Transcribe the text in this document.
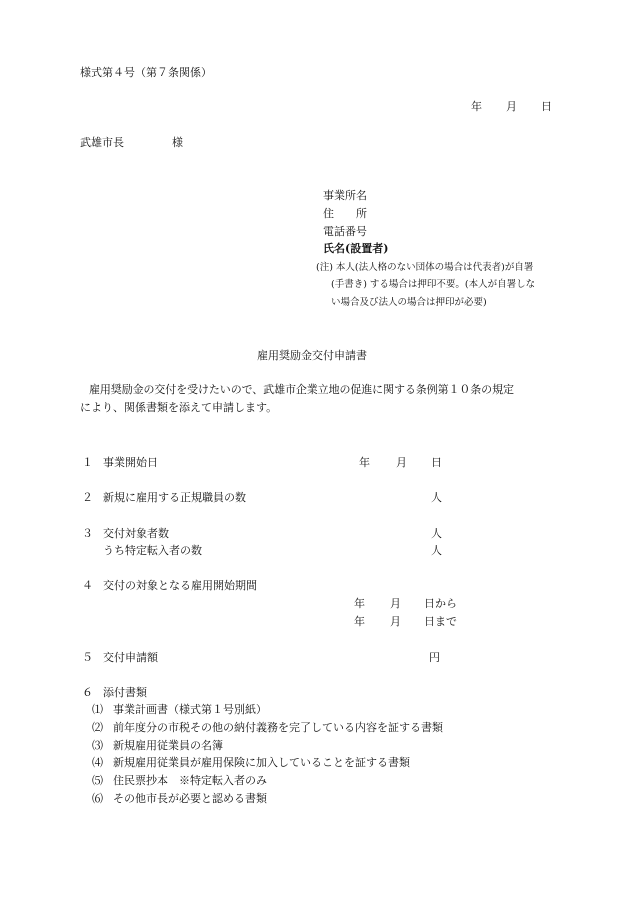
様式第４号（第７条関係）
年 月 日
武雄市長	様
事業所名
住　　所
電話番号
氏名(設置者)
(注) 本人(法人格のない団体の場合は代表者)が自署
(手書き) する場合は押印不要。(本人が自署しな
い場合及び法人の場合は押印が必要)
雇用奨励金交付申請書
雇用奨励金の交付を受けたいので、武雄市企業立地の促進に関する条例第１０条の規定
により、関係書類を添えて申請します。
１ 事業開始日	年 月 日
２ 新規に雇用する正規職員の数	人
３ 交付対象者数	人
うち特定転入者の数	人
４ 交付の対象となる雇用開始期間
年 月 日から
年 月 日まで
５ 交付申請額	円
６ 添付書類
⑴ 事業計画書（様式第１号別紙）
⑵ 前年度分の市税その他の納付義務を完了している内容を証する書類
⑶ 新規雇用従業員の名簿
⑷ 新規雇用従業員が雇用保険に加入していることを証する書類
⑸ 住民票抄本　※特定転入者のみ
⑹ その他市長が必要と認める書類
